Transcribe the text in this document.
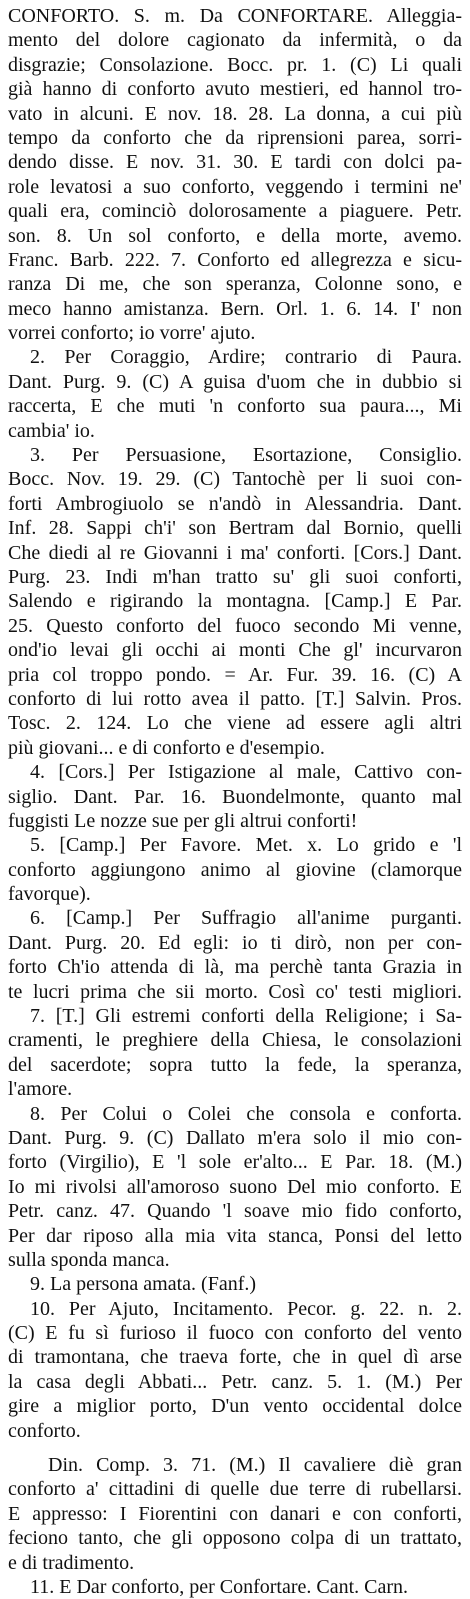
CONFORTO. S. m. Da CONFORTARE. Alleggia-
mento del dolore cagionato da infermità, o da
disgrazie; Consolazione. Bocc. pr. 1. (C) Li quali
già hanno di conforto avuto mestieri, ed hannol tro-
vato in alcuni. E nov. 18. 28. La donna, a cui più
tempo da conforto che da riprensioni parea, sorri-
dendo disse. E nov. 31. 30. E tardi con dolci pa-
role levatosi a suo conforto, veggendo i termini ne'
quali era, cominciò dolorosamente a piaguere. Petr.
son. 8. Un sol conforto, e della morte, avemo.
Franc. Barb. 222. 7. Conforto ed allegrezza e sicu-
ranza Di me, che son speranza, Colonne sono, e
meco hanno amistanza. Bern. Orl. 1. 6. 14. I' non
vorrei conforto; io vorre' ajuto.
2. Per Coraggio, Ardire; contrario di Paura.
Dant. Purg. 9. (C) A guisa d'uom che in dubbio si
raccerta, E che muti 'n conforto sua paura..., Mi
cambia' io.
3. Per Persuasione, Esortazione, Consiglio.
Bocc. Nov. 19. 29. (C) Tantochè per li suoi con-
forti Ambrogiuolo se n'andò in Alessandria. Dant.
Inf. 28. Sappi ch'i' son Bertram dal Bornio, quelli
Che diedi al re Giovanni i ma' conforti. [Cors.] Dant.
Purg. 23. Indi m'han tratto su' gli suoi conforti,
Salendo e rigirando la montagna. [Camp.] E Par.
25. Questo conforto del fuoco secondo Mi venne,
ond'io levai gli occhi ai monti Che gl' incurvaron
pria col troppo pondo. = Ar. Fur. 39. 16. (C) A
conforto di lui rotto avea il patto. [T.] Salvin. Pros.
Tosc. 2. 124. Lo che viene ad essere agli altri
più giovani... e di conforto e d'esempio.
4. [Cors.] Per Istigazione al male, Cattivo con-
siglio. Dant. Par. 16. Buondelmonte, quanto mal
fuggisti Le nozze sue per gli altrui conforti!
5. [Camp.] Per Favore. Met. x. Lo grido e 'l
conforto aggiungono animo al giovine (clamorque
favorque).
6. [Camp.] Per Suffragio all'anime purganti.
Dant. Purg. 20. Ed egli: io ti dirò, non per con-
forto Ch'io attenda di là, ma perchè tanta Grazia in
te lucri prima che sii morto. Così co' testi migliori.
7. [T.] Gli estremi conforti della Religione; i Sa-
cramenti, le preghiere della Chiesa, le consolazioni
del sacerdote; sopra tutto la fede, la speranza,
l'amore.
8. Per Colui o Colei che consola e conforta.
Dant. Purg. 9. (C) Dallato m'era solo il mio con-
forto (Virgilio), E 'l sole er'alto... E Par. 18. (M.)
Io mi rivolsi all'amoroso suono Del mio conforto. E
Petr. canz. 47. Quando 'l soave mio fido conforto,
Per dar riposo alla mia vita stanca, Ponsi del letto
sulla sponda manca.
9. La persona amata. (Fanf.)
10. Per Ajuto, Incitamento. Pecor. g. 22. n. 2.
(C) E fu sì furioso il fuoco con conforto del vento
di tramontana, che traeva forte, che in quel dì arse
la casa degli Abbati... Petr. canz. 5. 1. (M.) Per
gire a miglior porto, D'un vento occidental dolce
conforto.
Din. Comp. 3. 71. (M.) Il cavaliere diè gran
conforto a' cittadini di quelle due terre di rubellarsi.
E appresso: I Fiorentini con danari e con conforti,
feciono tanto, che gli opposono colpa di un trattato,
e di tradimento.
11. E Dar conforto, per Confortare. Cant. Carn.
